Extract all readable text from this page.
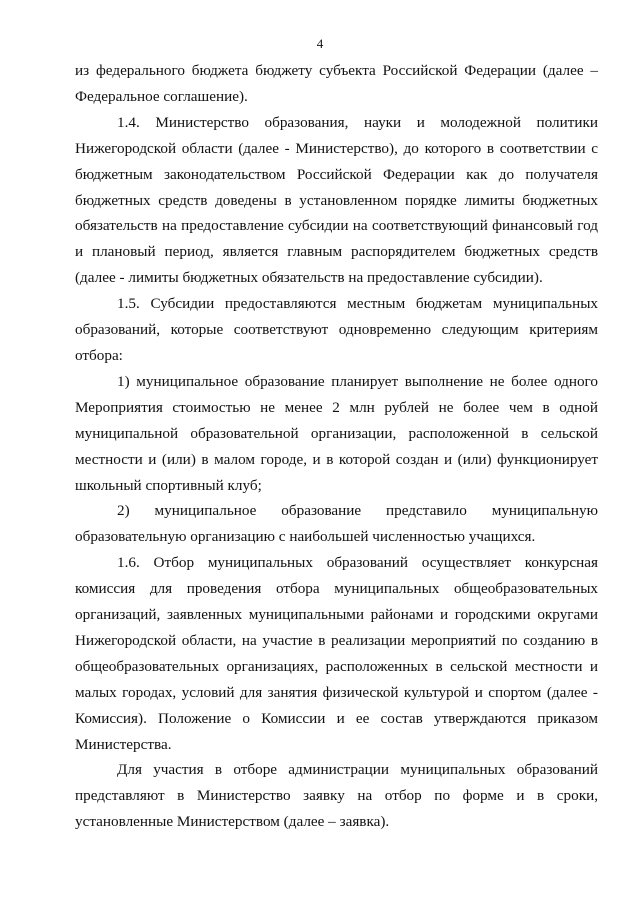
4

из федерального бюджета бюджету субъекта Российской Федерации (далее – Федеральное соглашение).

1.4. Министерство образования, науки и молодежной политики Нижегородской области (далее - Министерство), до которого в соответствии с бюджетным законодательством Российской Федерации как до получателя бюджетных средств доведены в установленном порядке лимиты бюджетных обязательств на предоставление субсидии на соответствующий финансовый год и плановый период, является главным распорядителем бюджетных средств (далее - лимиты бюджетных обязательств на предоставление субсидии).

1.5. Субсидии предоставляются местным бюджетам муниципальных образований, которые соответствуют одновременно следующим критериям отбора:

1) муниципальное образование планирует выполнение не более одного Мероприятия стоимостью не менее 2 млн рублей не более чем в одной муниципальной образовательной организации, расположенной в сельской местности и (или) в малом городе, и в которой создан и (или) функционирует школьный спортивный клуб;

2) муниципальное образование представило муниципальную образовательную организацию с наибольшей численностью учащихся.

1.6. Отбор муниципальных образований осуществляет конкурсная комиссия для проведения отбора муниципальных общеобразовательных организаций, заявленных муниципальными районами и городскими округами Нижегородской области, на участие в реализации мероприятий по созданию в общеобразовательных организациях, расположенных в сельской местности и малых городах, условий для занятия физической культурой и спортом (далее - Комиссия). Положение о Комиссии и ее состав утверждаются приказом Министерства.

Для участия в отборе администрации муниципальных образований представляют в Министерство заявку на отбор по форме и в сроки, установленные Министерством (далее – заявка).
